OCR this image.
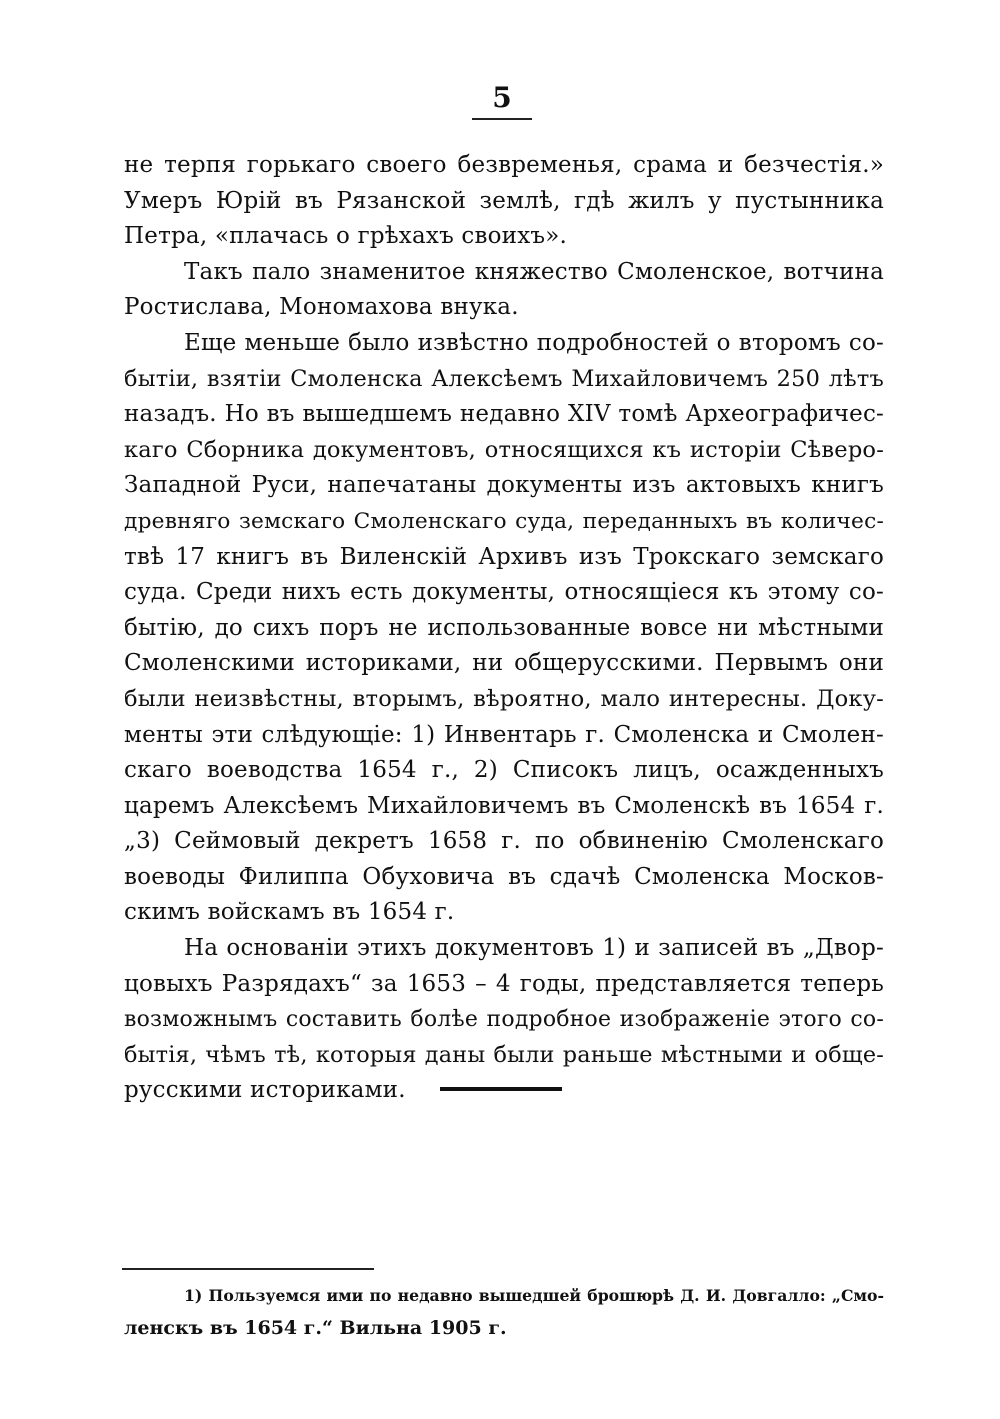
5
не терпя горькаго своего безвременья, срама и безчестія.»
Умеръ Юрій въ Рязанской землѣ, гдѣ жилъ у пустынника
Петра, «плачась о грѣхахъ своихъ».
Такъ пало знаменитое княжество Смоленское, вотчина
Ростислава, Мономахова внука.
Еще меньше было извѣстно подробностей о второмъ со-
бытіи, взятіи Смоленска Алексѣемъ Михайловичемъ 250 лѣтъ
назадъ. Но въ вышедшемъ недавно XIV томѣ Археографичес-
каго Сборника документовъ, относящихся къ исторіи Сѣверо-
Западной Руси, напечатаны документы изъ актовыхъ книгъ
древняго земскаго Смоленскаго суда, переданныхъ въ количес-
твѣ 17 книгъ въ Виленскій Архивъ изъ Трокскаго земскаго
суда. Среди нихъ есть документы, относящіеся къ этому со-
бытію, до сихъ поръ не использованные вовсе ни мѣстными
Смоленскими историками, ни общерусскими. Первымъ они
были неизвѣстны, вторымъ, вѣроятно, мало интересны. Доку-
менты эти слѣдующіе: 1) Инвентарь г. Смоленска и Смолен-
скаго воеводства 1654 г., 2) Списокъ лицъ, осажденныхъ
царемъ Алексѣемъ Михайловичемъ въ Смоленскѣ въ 1654 г.
„3) Сеймовый декретъ 1658 г. по обвиненію Смоленскаго
воеводы Филиппа Обуховича въ сдачѣ Смоленска Москов-
скимъ войскамъ въ 1654 г.
На основаніи этихъ документовъ 1) и записей въ „Двор-
цовыхъ Разрядахъ“ за 1653 – 4 годы, представляется теперь
возможнымъ составить болѣе подробное изображеніе этого со-
бытія, чѣмъ тѣ, которыя даны были раньше мѣстными и обще-
русскими историками.
1) Пользуемся ими по недавно вышедшей брошюрѣ Д. И. Довгалло: „Смо-
ленскъ въ 1654 г.“ Вильна 1905 г.
